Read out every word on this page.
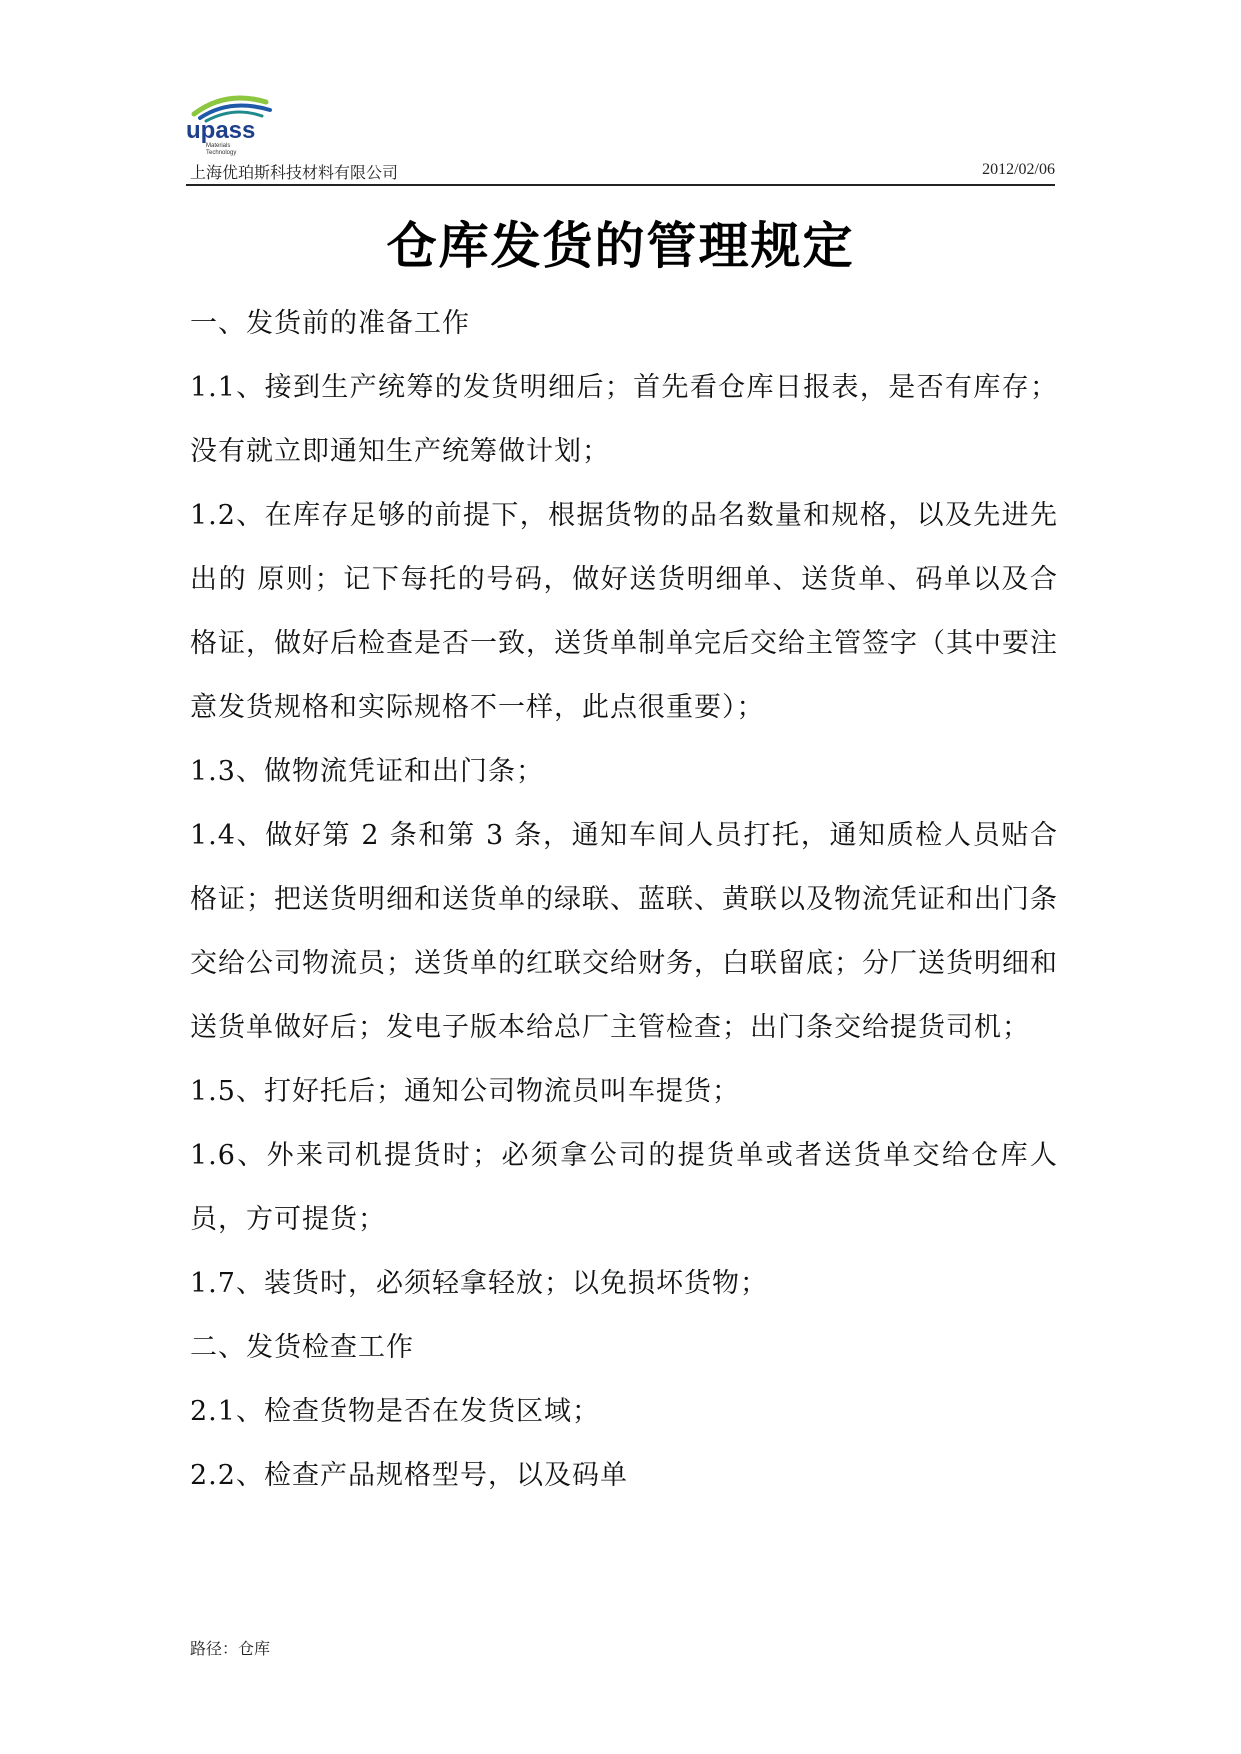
upass
Materials
Technology
上海优珀斯科技材料有限公司	2012/02/06
仓库发货的管理规定

一、发货前的准备工作

1.1、接到生产统筹的发货明细后；首先看仓库日报表，是否有库存；没有就立即通知生产统筹做计划；

1.2、在库存足够的前提下，根据货物的品名数量和规格，以及先进先出的 原则；记下每托的号码，做好送货明细单、送货单、码单以及合格证，做好后检查是否一致，送货单制单完后交给主管签字（其中要注意发货规格和实际规格不一样，此点很重要）；

1.3、做物流凭证和出门条；

1.4、做好第 2 条和第 3 条，通知车间人员打托，通知质检人员贴合格证；把送货明细和送货单的绿联、蓝联、黄联以及物流凭证和出门条交给公司物流员；送货单的红联交给财务，白联留底；分厂送货明细和送货单做好后；发电子版本给总厂主管检查；出门条交给提货司机；

1.5、打好托后；通知公司物流员叫车提货；

1.6、外来司机提货时；必须拿公司的提货单或者送货单交给仓库人员，方可提货；

1.7、装货时，必须轻拿轻放；以免损坏货物；

二、发货检查工作

2.1、检查货物是否在发货区域；

2.2、检查产品规格型号，以及码单

路径：仓库
